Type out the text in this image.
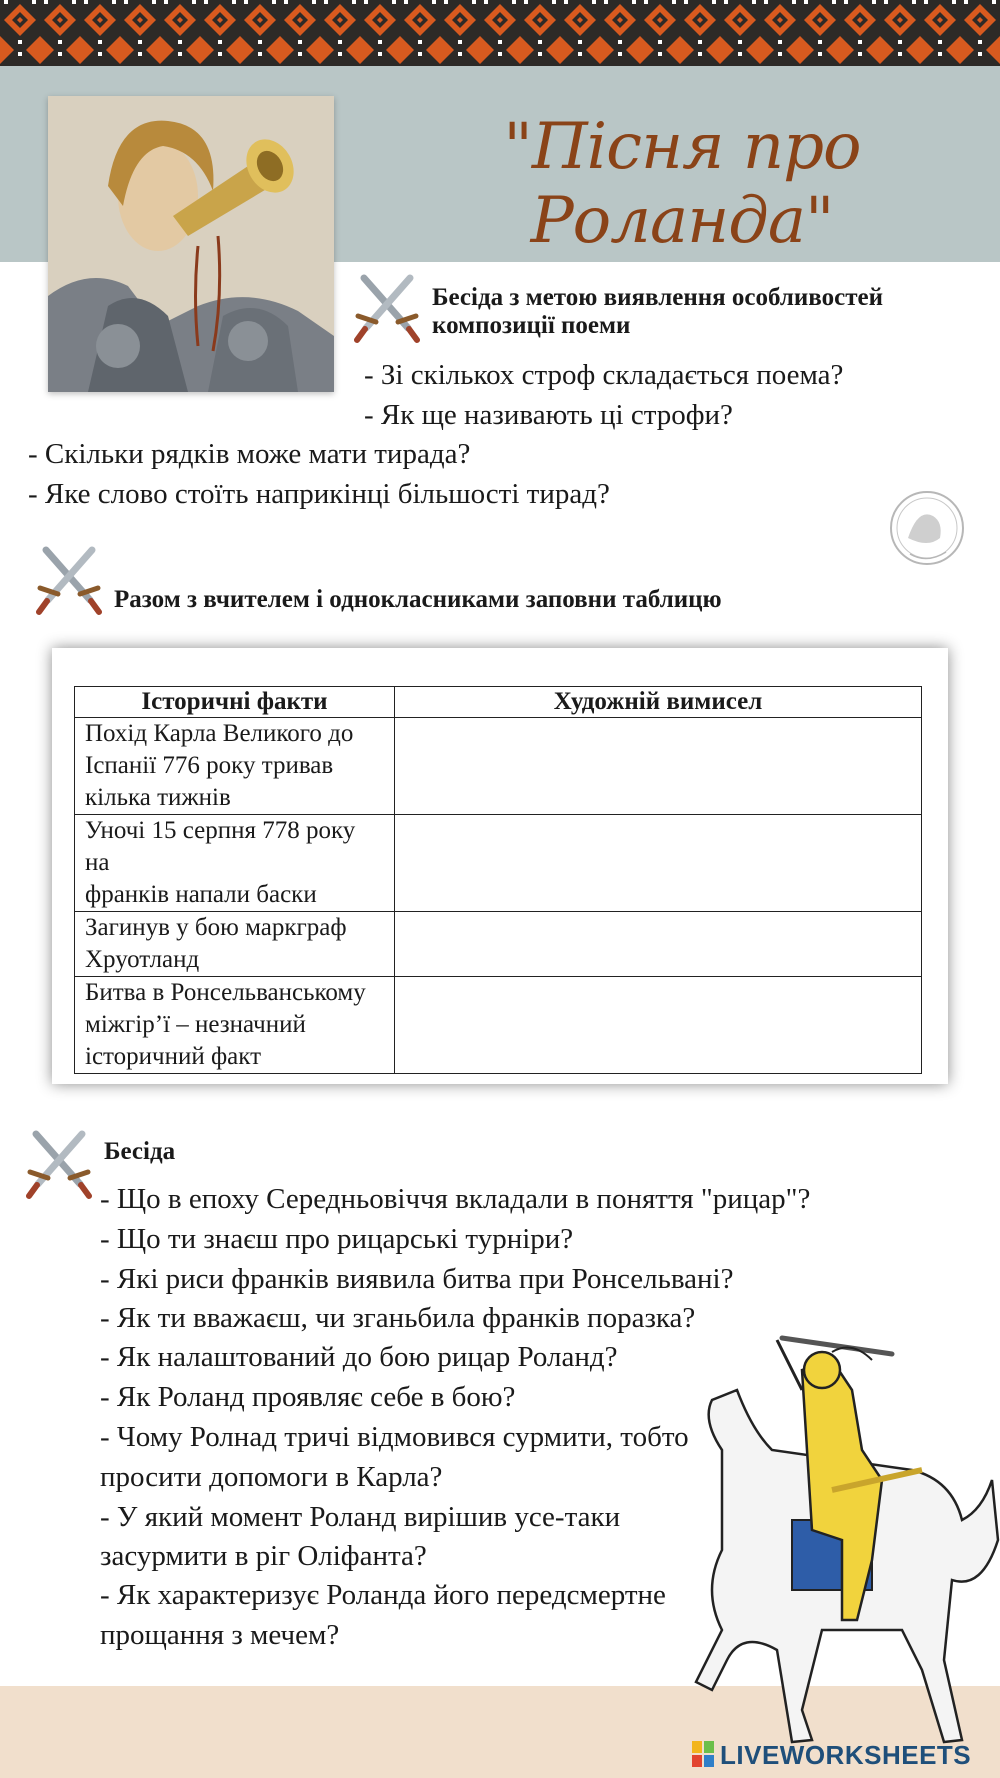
"Пісня про Роланда"
Бесіда з метою виявлення особливостей
композиції поеми
- Зі скількох строф складається поема?
- Як ще називають ці строфи?
- Скільки рядків може мати тирада?
- Яке слово стоїть наприкінці більшості тирад?
Разом з вчителем і однокласниками заповни таблицю
Історичні факти	Художній вимисел

Похід Карла Великого до
Іспанії 776 року тривав
кілька тижнів	

Уночі 15 серпня 778 року на
франків напали баски	

Загинув у бою маркграф
Хруотланд	

Битва в Ронсельванському
міжгір’ї – незначний
історичний факт	

Бесіда
- Що в епоху Середньовіччя вкладали в поняття "рицар"?
- Що ти знаєш про рицарські турніри?
- Які риси франків виявила битва при Ронсельвані?
- Як ти вважаєш, чи зганьбила франків поразка?
- Як налаштований до бою рицар Роланд?
- Як Роланд проявляє себе в бою?
- Чому Ролнад тричі відмовився сурмити, тобто
просити допомоги в Карла?
- У який момент Роланд вирішив усе-таки
засурмити в ріг Оліфанта?
- Як характеризує Роланда його передсмертне
прощання з мечем?
LIVEWORKSHEETS
